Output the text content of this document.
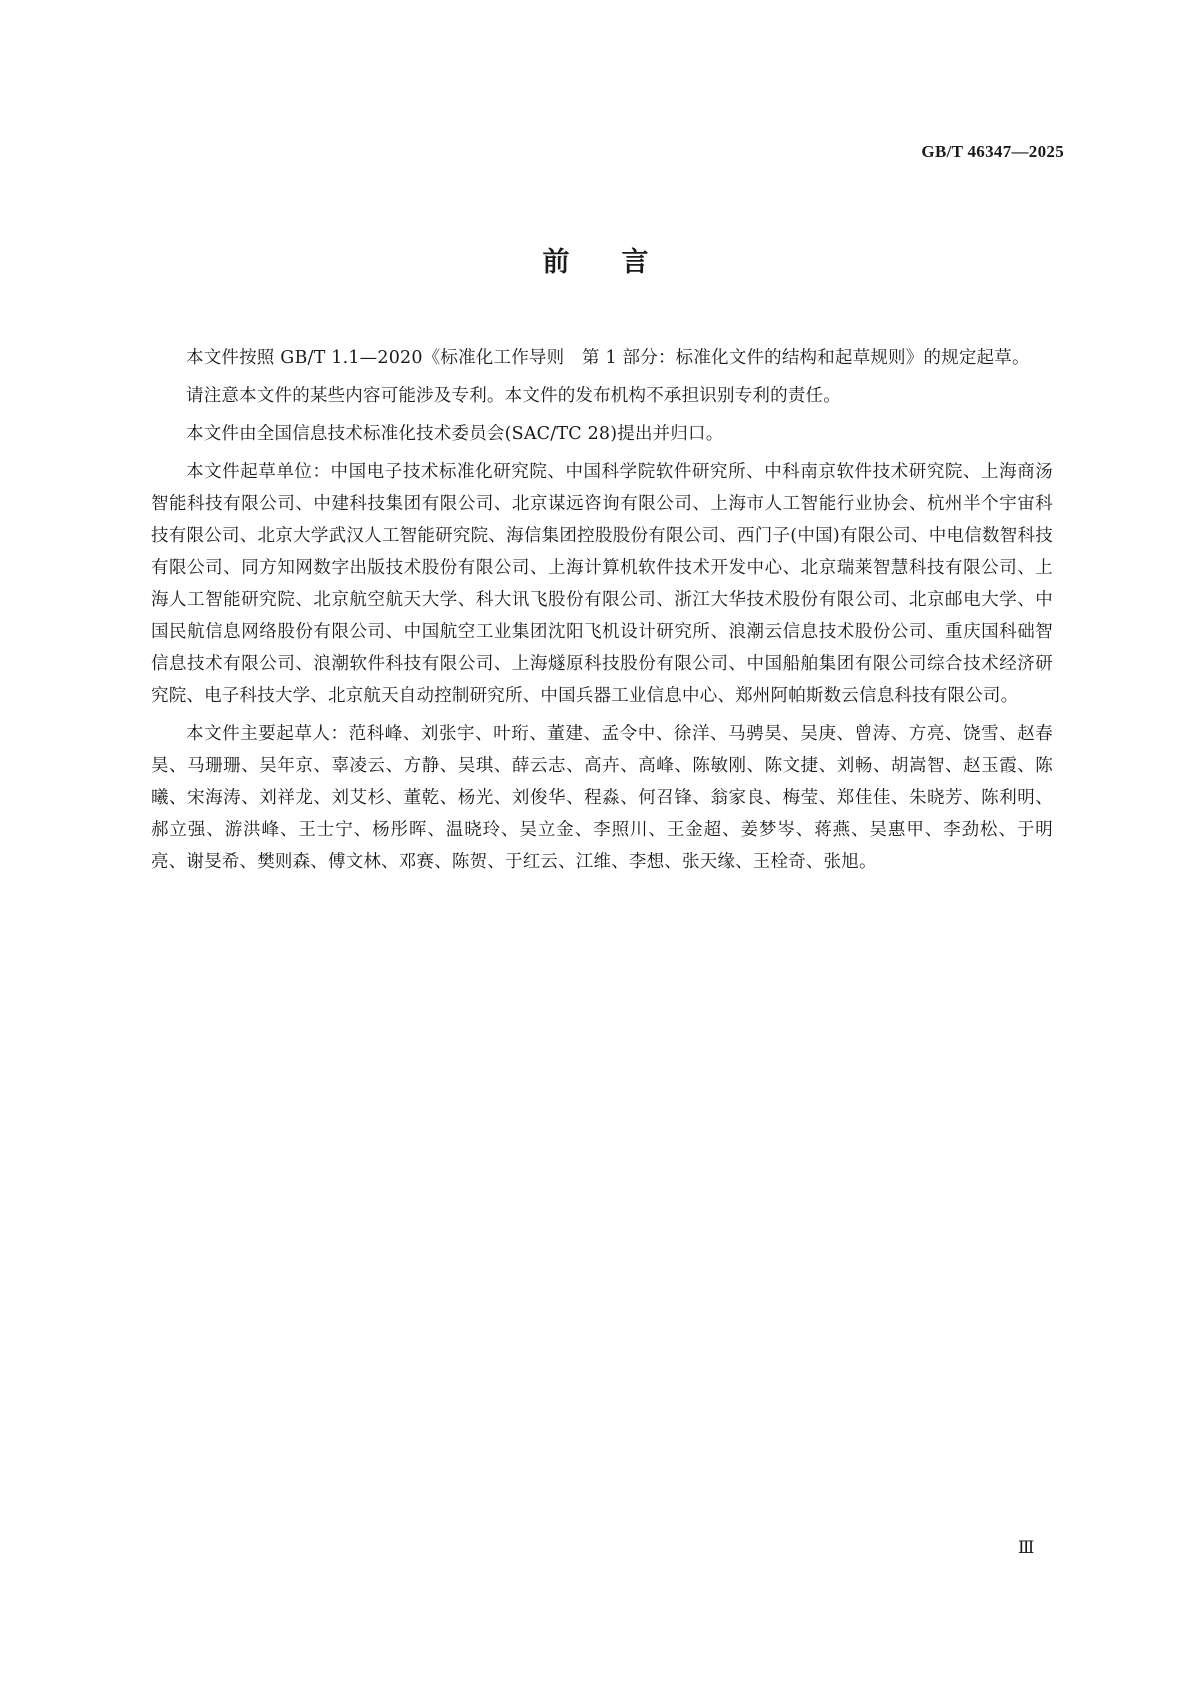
GB/T 46347—2025
前言

本文件按照 GB/T 1.1—2020《标准化工作导则　第 1 部分：标准化文件的结构和起草规则》的规定起草。

请注意本文件的某些内容可能涉及专利。本文件的发布机构不承担识别专利的责任。

本文件由全国信息技术标准化技术委员会(SAC/TC 28)提出并归口。

本文件起草单位：中国电子技术标准化研究院、中国科学院软件研究所、中科南京软件技术研究院、上海商汤智能科技有限公司、中建科技集团有限公司、北京谋远咨询有限公司、上海市人工智能行业协会、杭州半个宇宙科技有限公司、北京大学武汉人工智能研究院、海信集团控股股份有限公司、西门子(中国)有限公司、中电信数智科技有限公司、同方知网数字出版技术股份有限公司、上海计算机软件技术开发中心、北京瑞莱智慧科技有限公司、上海人工智能研究院、北京航空航天大学、科大讯飞股份有限公司、浙江大华技术股份有限公司、北京邮电大学、中国民航信息网络股份有限公司、中国航空工业集团沈阳飞机设计研究所、浪潮云信息技术股份公司、重庆国科础智信息技术有限公司、浪潮软件科技有限公司、上海燧原科技股份有限公司、中国船舶集团有限公司综合技术经济研究院、电子科技大学、北京航天自动控制研究所、中国兵器工业信息中心、郑州阿帕斯数云信息科技有限公司。

本文件主要起草人：范科峰、刘张宇、叶珩、董建、孟令中、徐洋、马骋昊、吴庚、曾涛、方亮、饶雪、赵春昊、马珊珊、吴年京、辜凌云、方静、吴琪、薛云志、高卉、高峰、陈敏刚、陈文捷、刘畅、胡嵩智、赵玉霞、陈曦、宋海涛、刘祥龙、刘艾杉、董乾、杨光、刘俊华、程淼、何召锋、翁家良、梅莹、郑佳佳、朱晓芳、陈利明、郝立强、游洪峰、王士宁、杨彤晖、温晓玲、吴立金、李照川、王金超、姜梦岑、蒋燕、吴惠甲、李劲松、于明亮、谢旻希、樊则森、傅文林、邓赛、陈贺、于红云、江维、李想、张天缘、王栓奇、张旭。

Ⅲ
